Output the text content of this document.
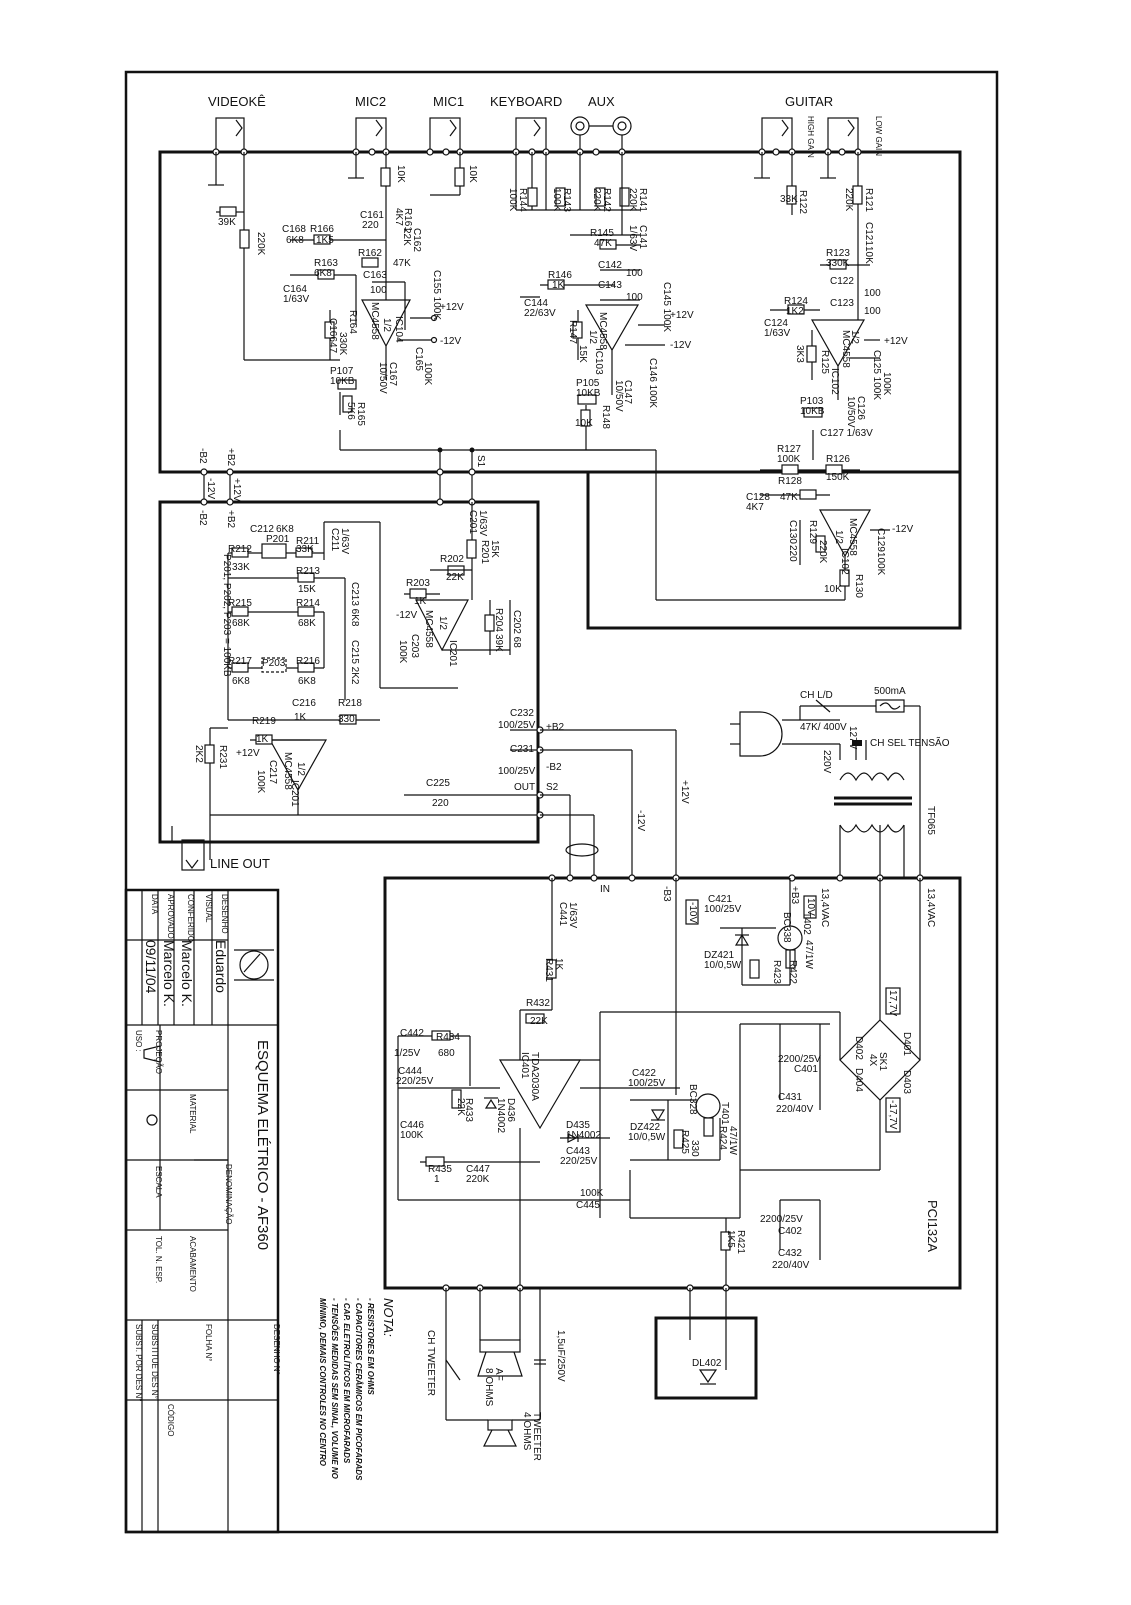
VIDEOKÊ	MIC2	MIC1 KEYBOARD AUX	GUITAR
HIGH GAIN	LOW GAIN
39K
220K
10K	10K
C168
6K8
R166
1K5
C161
220 R161
4K7
C162
22K
R162
47K
R163
6K8	C163
100	C155 100K
C164
1/63V
C166
47
R164
330K
MC4558 1/2 IC104
C165
100K
C167
10/50V
P107
10KB
R165
5K6
+12V
-12V
R144
100K	R143
100K	R142
220K	R141
220K
C141
1/63V
R145
47K
C142
100
R146
1K	C143
100
C144
22/63V	C145 100K
R147
15K
MC4558
1/2
IC103	C146 100K
P105
10KB C147
10/50V
R148
10K
+12V
-12V
R122
33K	R121
220K
C121
10K
R123
330K
C122
100
R124
1K2
C123
100
C124
1/63V
3K3 R125 MC4558
1/2
IC102	C125 100K 100K
P103
10KB	C126
10/50V
C127 1/63V
R127
100K	R126
150K
R128
47K
C128
4K7
C130
220
R129
220K MC4558
1/2
IC102
C129
100K
R130
10K
+12V
-12V
-B2 +B2
-12V +12V
-B2 +B2
S1
C212 6K8	C211 1/63V
R212
33K
P201 R211
33K
R213
15K	C213 6K8
R215
68K
R214
68K
C215 2K2
R217
6K8
P203 R216
6K8
P201, P202, P203 = 100KB
C216
1K
R218
330
R219
1K
C217
100K MC4558 1/2
IC201
R231
2K2	+12V
C201 1/63V
R201 15K
R202
22K
R203
1K
R204
39K C202 68
MC4558 1/2
IC201
C203
100K
-12V
C232
100/25V
C231
100/25V
+B2
-B2
OUT S2
C225
220	+12V
-12V
LINE OUT
CH L/D	500mA
47K/ 400V
CH SEL TENSÃO
220V
127V
TF065
IN	-B3	+B3 13,4VAC	13,4VAC
-10V	10V
17,7V
-17,7V
C441 1/63V
R431 1K
R432
22K
C442
1/25V
R434
680
C444
220/25V
C446
100K
R433
22K	D436
1N4002
IC401 TDA2030A
D435
1N4002
C443
220/25V
R435
1
C447
220K
100K
C445
C421
100/25V
T402
BC338
DZ421
10/0,5W	R423 R422
47/1W
C422
100/25V
BC328 T401
DZ422
10/0,5W R425 330 R424 47/1W
D402	D401
D404	D403
SK1
4X
2200/25V
C401
C431
220/40V
2200/25V
C402
C432
220/40V
R421
1K5	PCI132A
CH TWEETER	AF
8 OHMS
1,5uF/250V
TWEETER
4 OHMS
DL402
NOTA:
- RESISTORES EM OHMS
- CAPACITORES CERÂMICOS EM PICOFARADS
- CAP. ELETROLÍTICOS EM MICROFARADS
- TENSÕES MEDIDAS SEM SINAL, VOLUME NO
MÍNIMO, DEMAIS CONTROLES NO CENTRO
ESQUEMA ELÉTRICO - AF360
DESENHO
Eduardo
VISUAL
CONFERIDO
Marcelo K.
APROVADO
Marcelo K.
DATA
09/11/04
USO : PROJEÇÃO
ESCALA
TOL. N. ESP.
MATERIAL
ACABAMENTO
DENOMINAÇÃO
DESENHO N°
FOLHA N°
CÓDIGO
SUBSTITUE DES N°
SUBST. POR DES N°
